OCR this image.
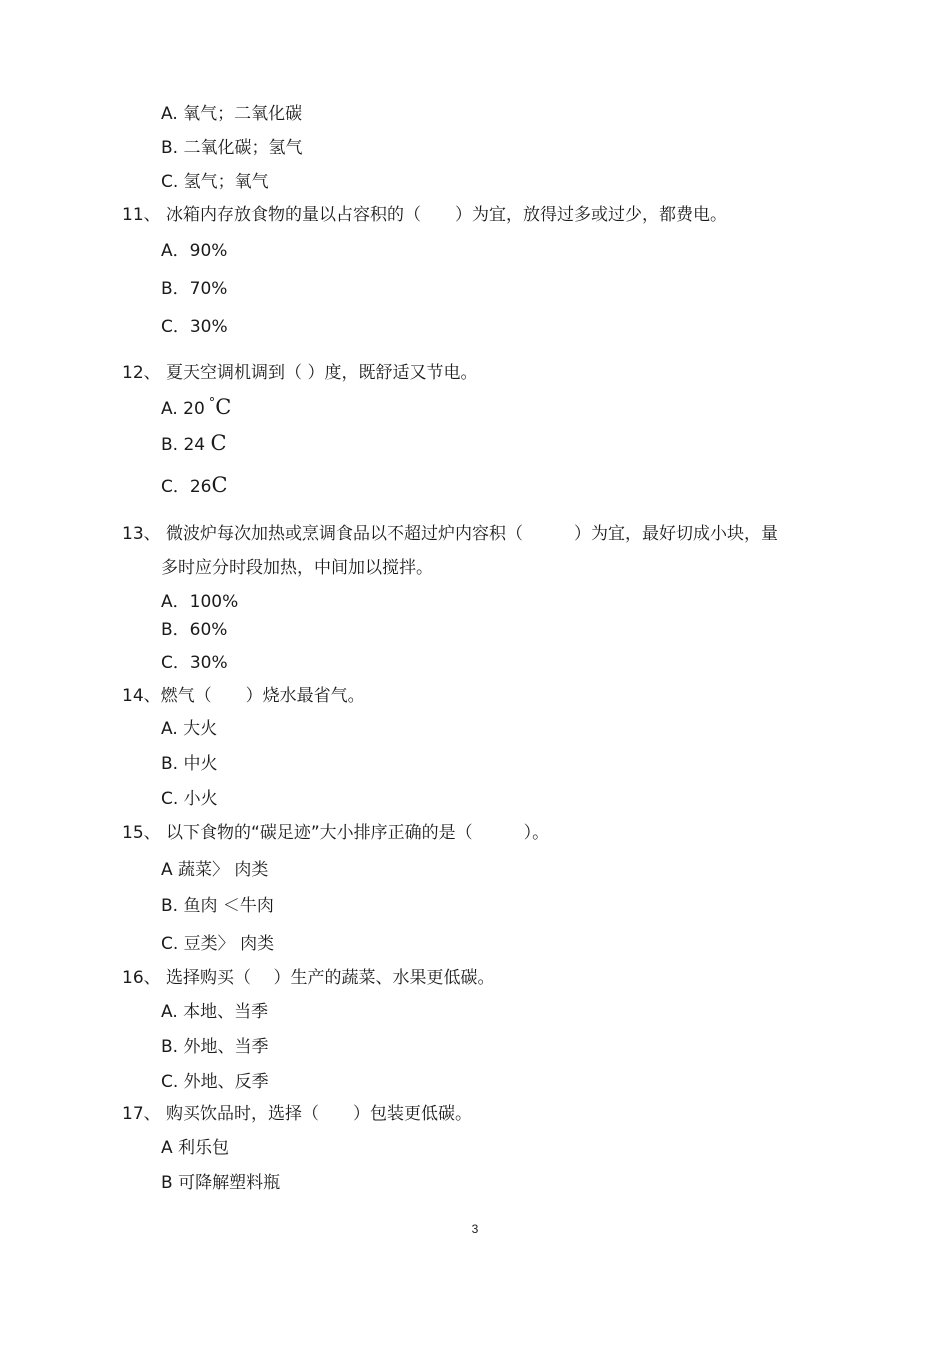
A. 氧气；二氧化碳
B. 二氧化碳；氢气
C. 氢气；氧气
11、 冰箱内存放食物的量以占容积的（　　）为宜，放得过多或过少，都费电。
A．90%
B．70%
C．30%
12、 夏天空调机调到（ ）度，既舒适又节电。
A. 20 °C
B. 24 C
C．26C
13、 微波炉每次加热或烹调食品以不超过炉内容积（　　　）为宜，最好切成小块，量
多时应分时段加热，中间加以搅拌。
A．100%
B．60%
C．30%
14、燃气（　　）烧水最省气。
A. 大火
B. 中火
C. 小火
15、 以下食物的“碳足迹”大小排序正确的是（　　　）。
A 蔬菜〉 肉类
B. 鱼肉 ＜牛肉
C. 豆类〉 肉类
16、 选择购买（　 ）生产的蔬菜、水果更低碳。
A. 本地、当季
B. 外地、当季
C. 外地、反季
17、 购买饮品时，选择（　　）包装更低碳。
A 利乐包
B 可降解塑料瓶
3
